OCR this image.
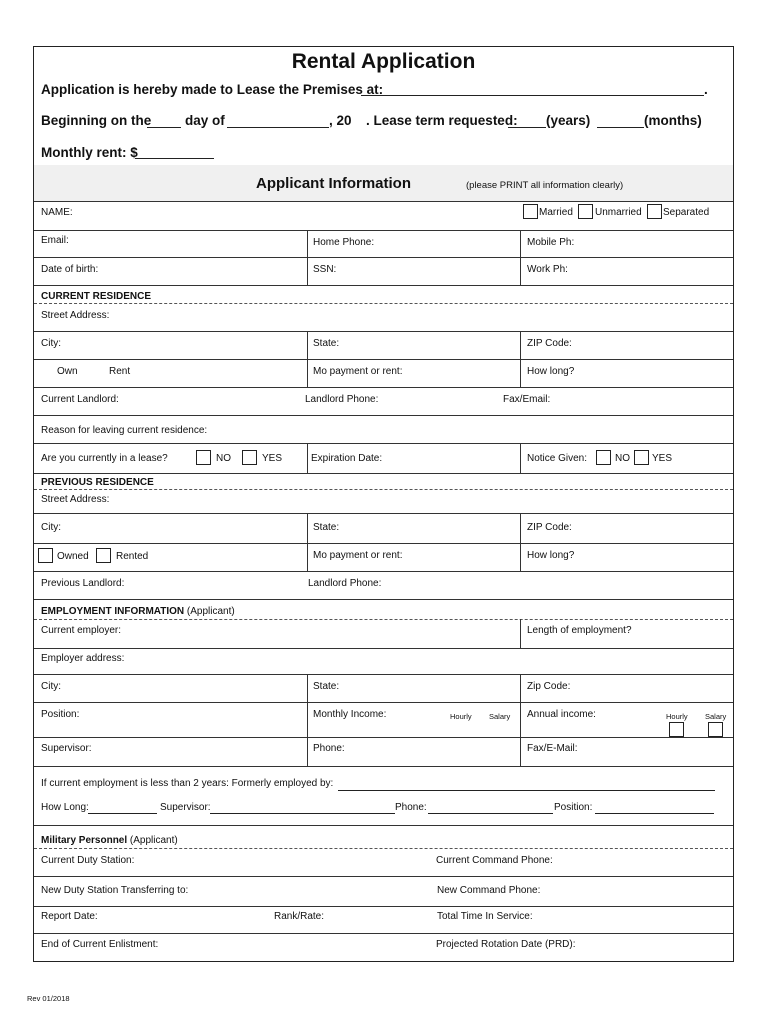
Rental Application
Application is hereby made to Lease the Premises at:	.
Beginning on the	day of	, 20 . Lease term requested: (years)	(months)
Monthly rent: $
Applicant Information	(please PRINT all information clearly)
NAME:	Married Unmarried Separated
Email:	Home Phone:	Mobile Ph:
Date of birth:	SSN:	Work Ph:
CURRENT RESIDENCE
Street Address:
City:	State:	ZIP Code:
Own	Rent	Mo payment or rent:	How long?
Current Landlord:	Landlord Phone:	Fax/Email:
Reason for leaving current residence:
Are you currently in a lease?	NO	YES	Expiration Date:	Notice Given:	NO YES
PREVIOUS RESIDENCE
Street Address:
City:	State:	ZIP Code:
Owned	Rented	Mo payment or rent:	How long?
Previous Landlord:	Landlord Phone:
EMPLOYMENT INFORMATION (Applicant)
Current employer:	Length of employment?
Employer address:
City:	State:	Zip Code:
Position:	Monthly Income:	Hourly Salary Annual income:	Hourly Salary
Supervisor:	Phone:	Fax/E-Mail:
If current employment is less than 2 years: Formerly employed by:
How Long:	Supervisor:	Phone:	Position:
Military Personnel (Applicant)
Current Duty Station:	Current Command Phone:
New Duty Station Transferring to:	New Command Phone:
Report Date:	Rank/Rate:	Total Time In Service:
End of Current Enlistment:	Projected Rotation Date (PRD):
Rev 01/2018
